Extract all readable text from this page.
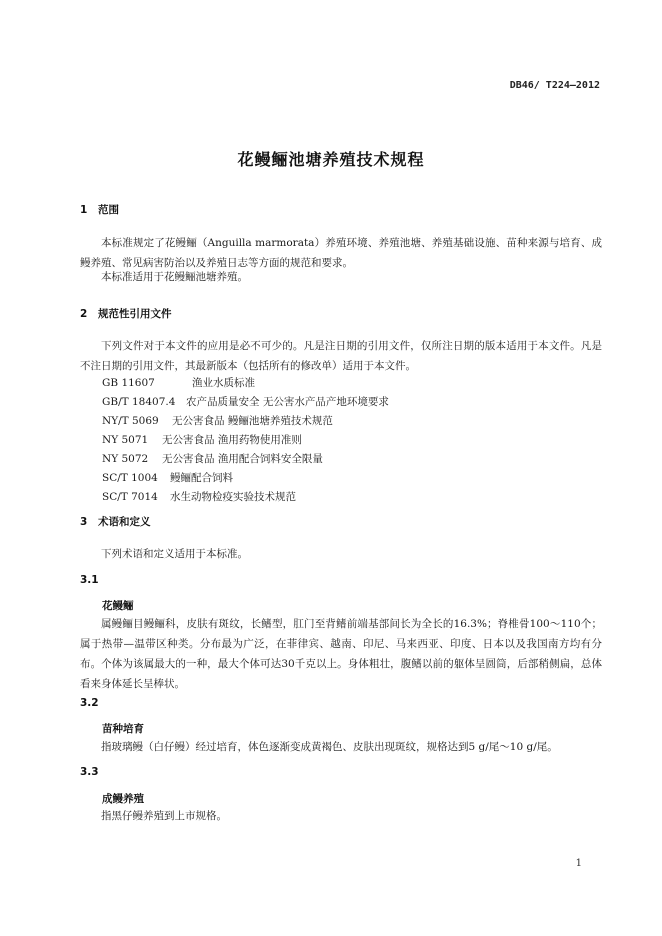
DB46/ T224—2012
花鳗鲡池塘养殖技术规程
1 范围
本标准规定了花鳗鲡（Anguilla marmorata）养殖环境、养殖池塘、养殖基础设施、苗种来源与培育、成鳗养殖、常见病害防治以及养殖日志等方面的规范和要求。
本标准适用于花鳗鲡池塘养殖。
2 规范性引用文件
下列文件对于本文件的应用是必不可少的。凡是注日期的引用文件，仅所注日期的版本适用于本文件。凡是不注日期的引用文件，其最新版本（包括所有的修改单）适用于本文件。
GB 11607	渔业水质标准
GB/T 18407.4 农产品质量安全 无公害水产品产地环境要求
NY/T 5069 无公害食品 鳗鲡池塘养殖技术规范
NY 5071 无公害食品 渔用药物使用准则
NY 5072 无公害食品 渔用配合饲料安全限量
SC/T 1004 鳗鲡配合饲料
SC/T 7014 水生动物检疫实验技术规范
3 术语和定义
下列术语和定义适用于本标准。
3.1
花鳗鲡
属鳗鲡目鳗鲡科，皮肤有斑纹，长鳍型，肛门至背鳍前端基部间长为全长的16.3%；脊椎骨100～110个；属于热带—温带区种类。分布最为广泛，在菲律宾、越南、印尼、马来西亚、印度、日本以及我国南方均有分布。个体为该属最大的一种，最大个体可达30千克以上。身体粗壮，腹鳍以前的躯体呈圆筒，后部稍侧扁，总体看来身体延长呈棒状。
3.2
苗种培育
指玻璃鳗（白仔鳗）经过培育，体色逐渐变成黄褐色、皮肤出现斑纹，规格达到5 g/尾～10 g/尾。
3.3
成鳗养殖
指黑仔鳗养殖到上市规格。
1
